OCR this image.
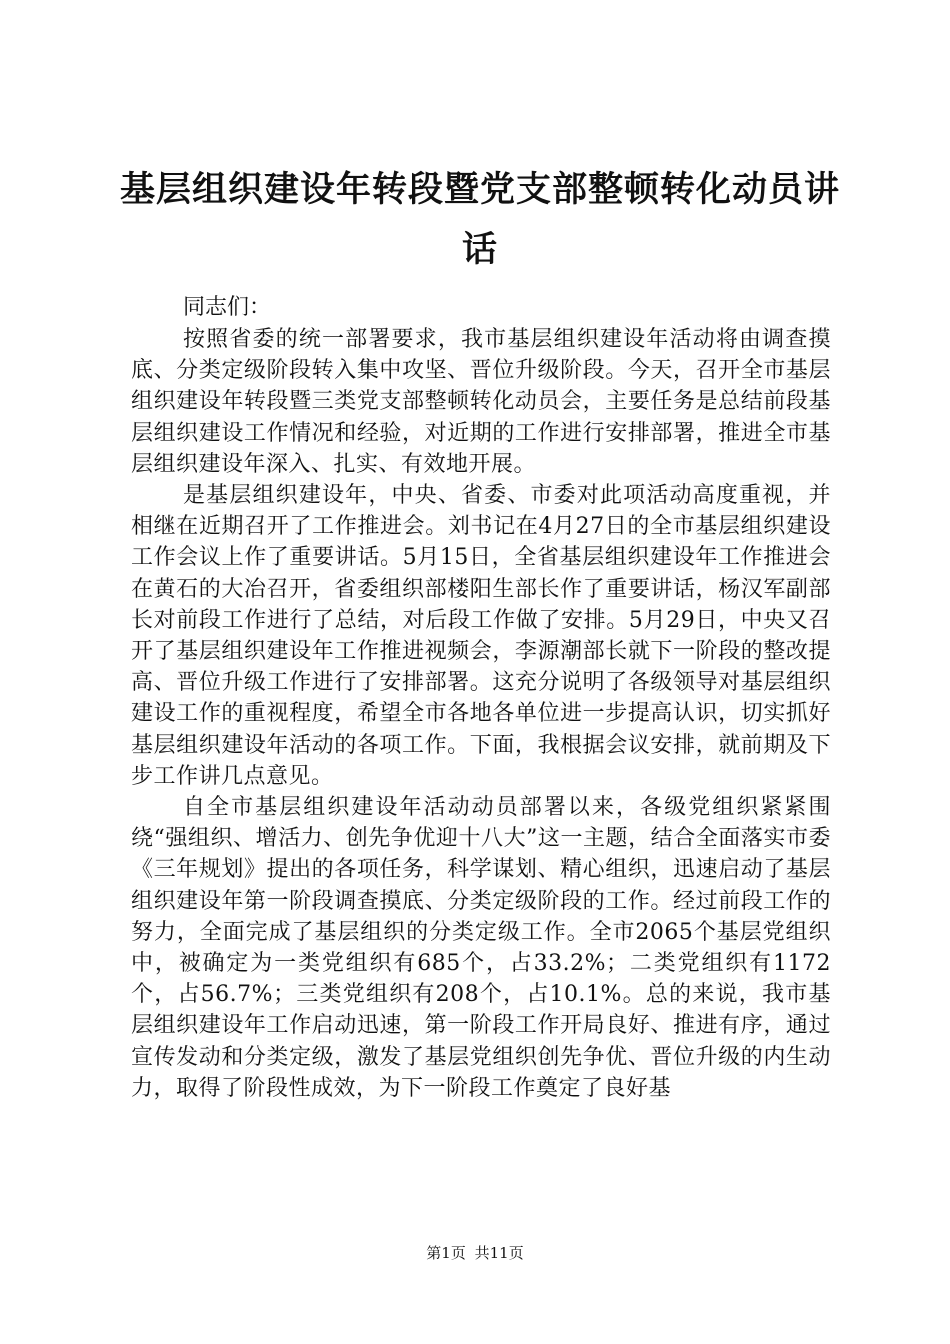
基层组织建设年转段暨党支部整顿转化动员讲话

同志们：

按照省委的统一部署要求，我市基层组织建设年活动将由调查摸底、分类定级阶段转入集中攻坚、晋位升级阶段。今天，召开全市基层组织建设年转段暨三类党支部整顿转化动员会，主要任务是总结前段基层组织建设工作情况和经验，对近期的工作进行安排部署，推进全市基层组织建设年深入、扎实、有效地开展。

是基层组织建设年，中央、省委、市委对此项活动高度重视，并相继在近期召开了工作推进会。刘书记在4月27日的全市基层组织建设工作会议上作了重要讲话。5月15日，全省基层组织建设年工作推进会在黄石的大冶召开，省委组织部楼阳生部长作了重要讲话，杨汉军副部长对前段工作进行了总结，对后段工作做了安排。5月29日，中央又召开了基层组织建设年工作推进视频会，李源潮部长就下一阶段的整改提高、晋位升级工作进行了安排部署。这充分说明了各级领导对基层组织建设工作的重视程度，希望全市各地各单位进一步提高认识，切实抓好基层组织建设年活动的各项工作。下面，我根据会议安排，就前期及下步工作讲几点意见。

自全市基层组织建设年活动动员部署以来，各级党组织紧紧围绕“强组织、增活力、创先争优迎十八大”这一主题，结合全面落实市委《三年规划》提出的各项任务，科学谋划、精心组织，迅速启动了基层组织建设年第一阶段调查摸底、分类定级阶段的工作。经过前段工作的努力，全面完成了基层组织的分类定级工作。全市2065个基层党组织中，被确定为一类党组织有685个，占33.2%；二类党组织有1172个，占56.7%；三类党组织有208个，占10.1%。总的来说，我市基层组织建设年工作启动迅速，第一阶段工作开局良好、推进有序，通过宣传发动和分类定级，激发了基层党组织创先争优、晋位升级的内生动力，取得了阶段性成效，为下一阶段工作奠定了良好基

第1页 共11页
